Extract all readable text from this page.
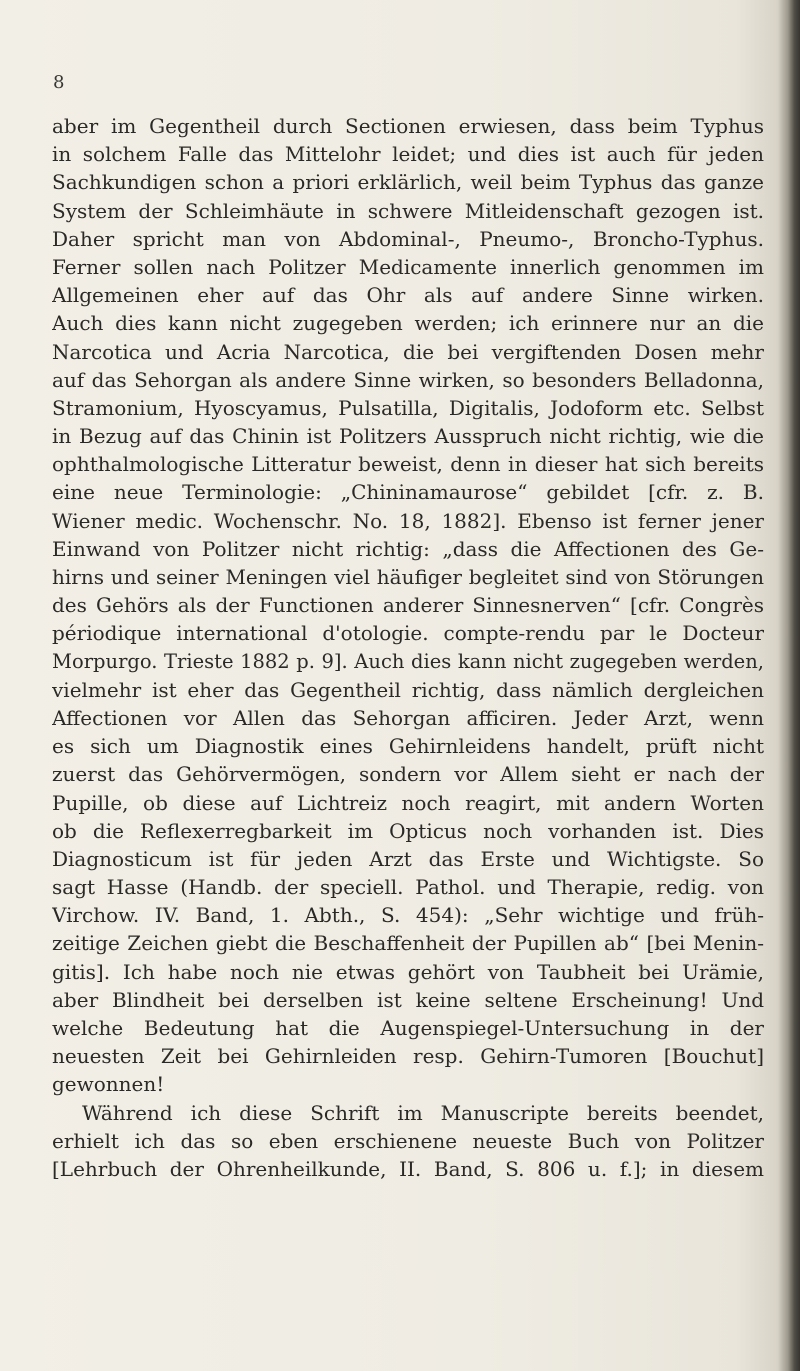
8
aber im Gegentheil durch Sectionen erwiesen, dass beim Typhus
in solchem Falle das Mittelohr leidet; und dies ist auch für jeden
Sachkundigen schon a priori erklärlich, weil beim Typhus das ganze
System der Schleimhäute in schwere Mitleidenschaft gezogen ist.
Daher spricht man von Abdominal-, Pneumo-, Broncho-Typhus.
Ferner sollen nach Politzer Medicamente innerlich genommen im
Allgemeinen eher auf das Ohr als auf andere Sinne wirken.
Auch dies kann nicht zugegeben werden; ich erinnere nur an die
Narcotica und Acria Narcotica, die bei vergiftenden Dosen mehr
auf das Sehorgan als andere Sinne wirken, so besonders Belladonna,
Stramonium, Hyoscyamus, Pulsatilla, Digitalis, Jodoform etc. Selbst
in Bezug auf das Chinin ist Politzers Ausspruch nicht richtig, wie die
ophthalmologische Litteratur beweist, denn in dieser hat sich bereits
eine neue Terminologie: „Chininamaurose“ gebildet [cfr. z. B.
Wiener medic. Wochenschr. No. 18, 1882]. Ebenso ist ferner jener
Einwand von Politzer nicht richtig: „dass die Affectionen des Ge-
hirns und seiner Meningen viel häufiger begleitet sind von Störungen
des Gehörs als der Functionen anderer Sinnesnerven“ [cfr. Congrès
périodique international d'otologie. compte-rendu par le Docteur
Morpurgo. Trieste 1882 p. 9]. Auch dies kann nicht zugegeben werden,
vielmehr ist eher das Gegentheil richtig, dass nämlich dergleichen
Affectionen vor Allen das Sehorgan afficiren. Jeder Arzt, wenn
es sich um Diagnostik eines Gehirnleidens handelt, prüft nicht
zuerst das Gehörvermögen, sondern vor Allem sieht er nach der
Pupille, ob diese auf Lichtreiz noch reagirt, mit andern Worten
ob die Reflexerregbarkeit im Opticus noch vorhanden ist. Dies
Diagnosticum ist für jeden Arzt das Erste und Wichtigste. So
sagt Hasse (Handb. der speciell. Pathol. und Therapie, redig. von
Virchow. IV. Band, 1. Abth., S. 454): „Sehr wichtige und früh-
zeitige Zeichen giebt die Beschaffenheit der Pupillen ab“ [bei Menin-
gitis]. Ich habe noch nie etwas gehört von Taubheit bei Urämie,
aber Blindheit bei derselben ist keine seltene Erscheinung! Und
welche Bedeutung hat die Augenspiegel-Untersuchung in der
neuesten Zeit bei Gehirnleiden resp. Gehirn-Tumoren [Bouchut]
gewonnen!
Während ich diese Schrift im Manuscripte bereits beendet,
erhielt ich das so eben erschienene neueste Buch von Politzer
[Lehrbuch der Ohrenheilkunde, II. Band, S. 806 u. f.]; in diesem
